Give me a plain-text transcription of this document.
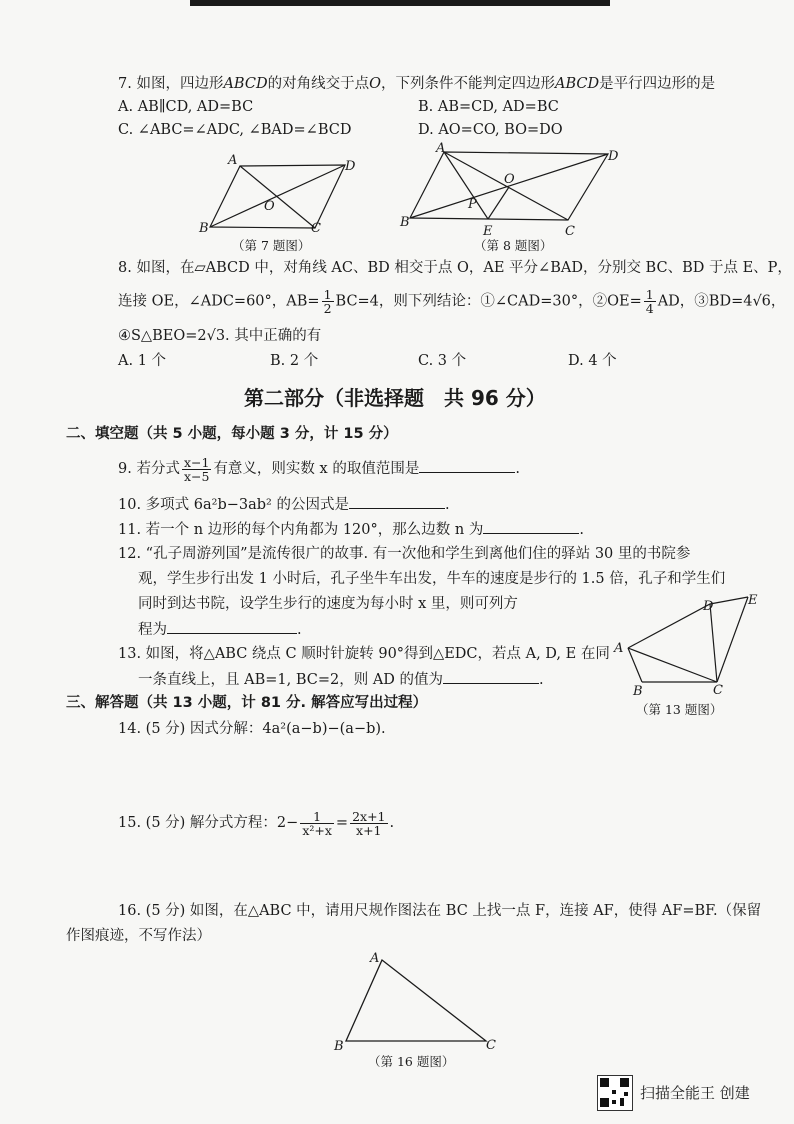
7. 如图，四边形ABCD的对角线交于点O，下列条件不能判定四边形ABCD是平行四边形的是
A. AB∥CD, AD=BC	B. AB=CD, AD=BC
C. ∠ABC=∠ADC, ∠BAD=∠BCD	D. AO=CO, BO=DO
A	D
B	C
O
（第 7 题图）
A
D
B
C
O
P
E
（第 8 题图）
8. 如图，在▱ABCD 中，对角线 AC、BD 相交于点 O，AE 平分∠BAD，分别交 BC、BD 于点 E、P，
连接 OE，∠ADC=60°，$AB= \frac{1}{2} BC=4$，则下列结论：①∠CAD=30°，②OE= $\frac{1}{4}$ AD，③BD=4√6，
④S△BEO=2√3. 其中正确的有
A. 1 个	B. 2 个	C. 3 个	D. 4 个
第二部分（非选择题　共 96 分）
二、填空题（共 5 小题，每小题 3 分，计 15 分）
9. 若分式 $\frac{x-1}{x-5}$ 有意义，则实数 x 的取值范围是	.
10. 多项式 6a²b−3ab² 的公因式是	.
11. 若一个 n 边形的每个内角都为 120°，那么边数 n 为	.
12. “孔子周游列国”是流传很广的故事. 有一次他和学生到离他们住的驿站 30 里的书院参
观，学生步行出发 1 小时后，孔子坐牛车出发，牛车的速度是步行的 1.5 倍，孔子和学生们
同时到达书院，设学生步行的速度为每小时 x 里，则可列方
程为	.
13. 如图，将△ABC 绕点 C 顺时针旋转 90°得到△EDC，若点 A, D, E 在同
一条直线上，且 AB=1, BC=2，则 AD 的值为	.
D	E
A
B	C
（第 13 题图）
三、解答题（共 13 小题，计 81 分. 解答应写出过程）
14. (5 分) 因式分解：4a²(a−b)−(a−b).
15. (5 分) 解分式方程：$2- \frac{1}{\text{x²+x}} = \frac{2x+1}{x+1}$ .
16. (5 分) 如图，在△ABC 中，请用尺规作图法在 BC 上找一点 F，连接 AF，使得 AF=BF.（保留
作图痕迹，不写作法）
A
B	C
（第 16 题图）
扫描全能王 创建
